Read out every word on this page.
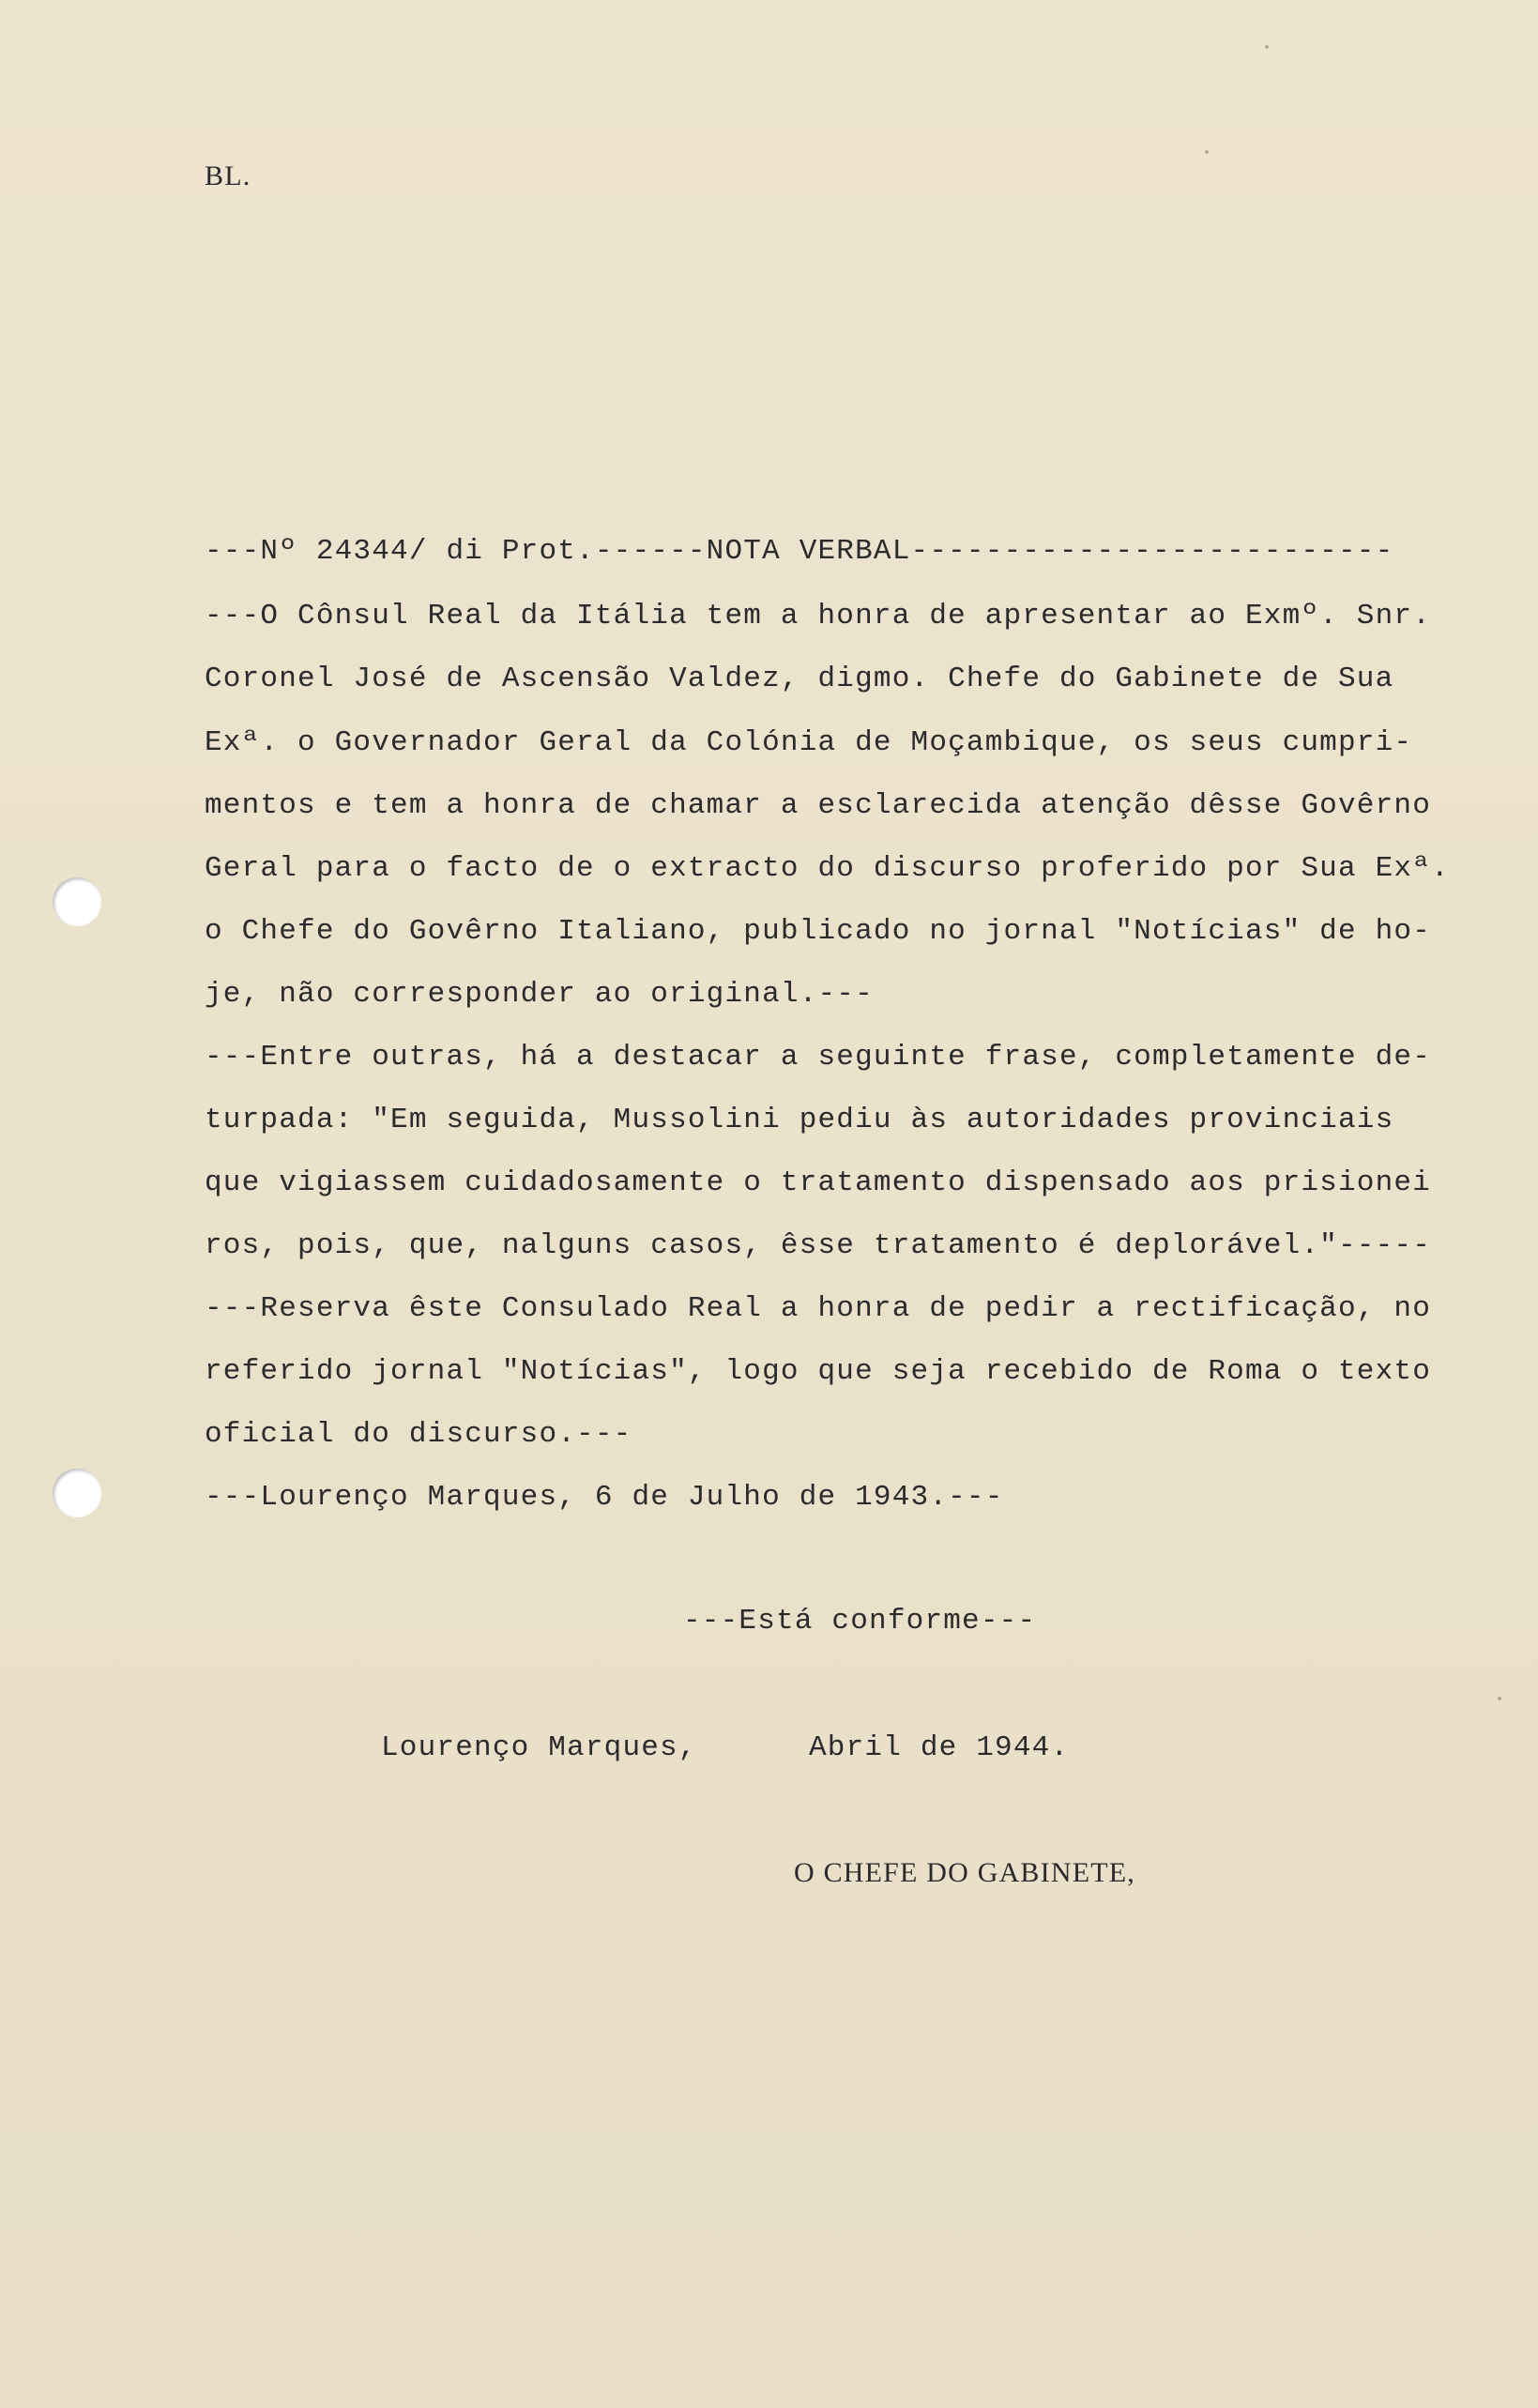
BL.
---Nº 24344/ di Prot.------NOTA VERBAL--------------------------
---O Cônsul Real da Itália tem a honra de apresentar ao Exmº. Snr.
Coronel José de Ascensão Valdez, digmo. Chefe do Gabinete de Sua
Exª. o Governador Geral da Colónia de Moçambique, os seus cumpri-
mentos e tem a honra de chamar a esclarecida atenção dêsse Govêrno
Geral para o facto de o extracto do discurso proferido por Sua Exª.
o Chefe do Govêrno Italiano, publicado no jornal "Notícias" de ho-
je, não corresponder ao original.---
---Entre outras, há a destacar a seguinte frase, completamente de-
turpada: "Em seguida, Mussolini pediu às autoridades provinciais
que vigiassem cuidadosamente o tratamento dispensado aos prisionei
ros, pois, que, nalguns casos, êsse tratamento é deplorável."-----
---Reserva êste Consulado Real a honra de pedir a rectificação, no
referido jornal "Notícias", logo que seja recebido de Roma o texto
oficial do discurso.---
---Lourenço Marques, 6 de Julho de 1943.---
---Está conforme---
Lourenço Marques,	Abril de 1944.
O CHEFE DO GABINETE,
